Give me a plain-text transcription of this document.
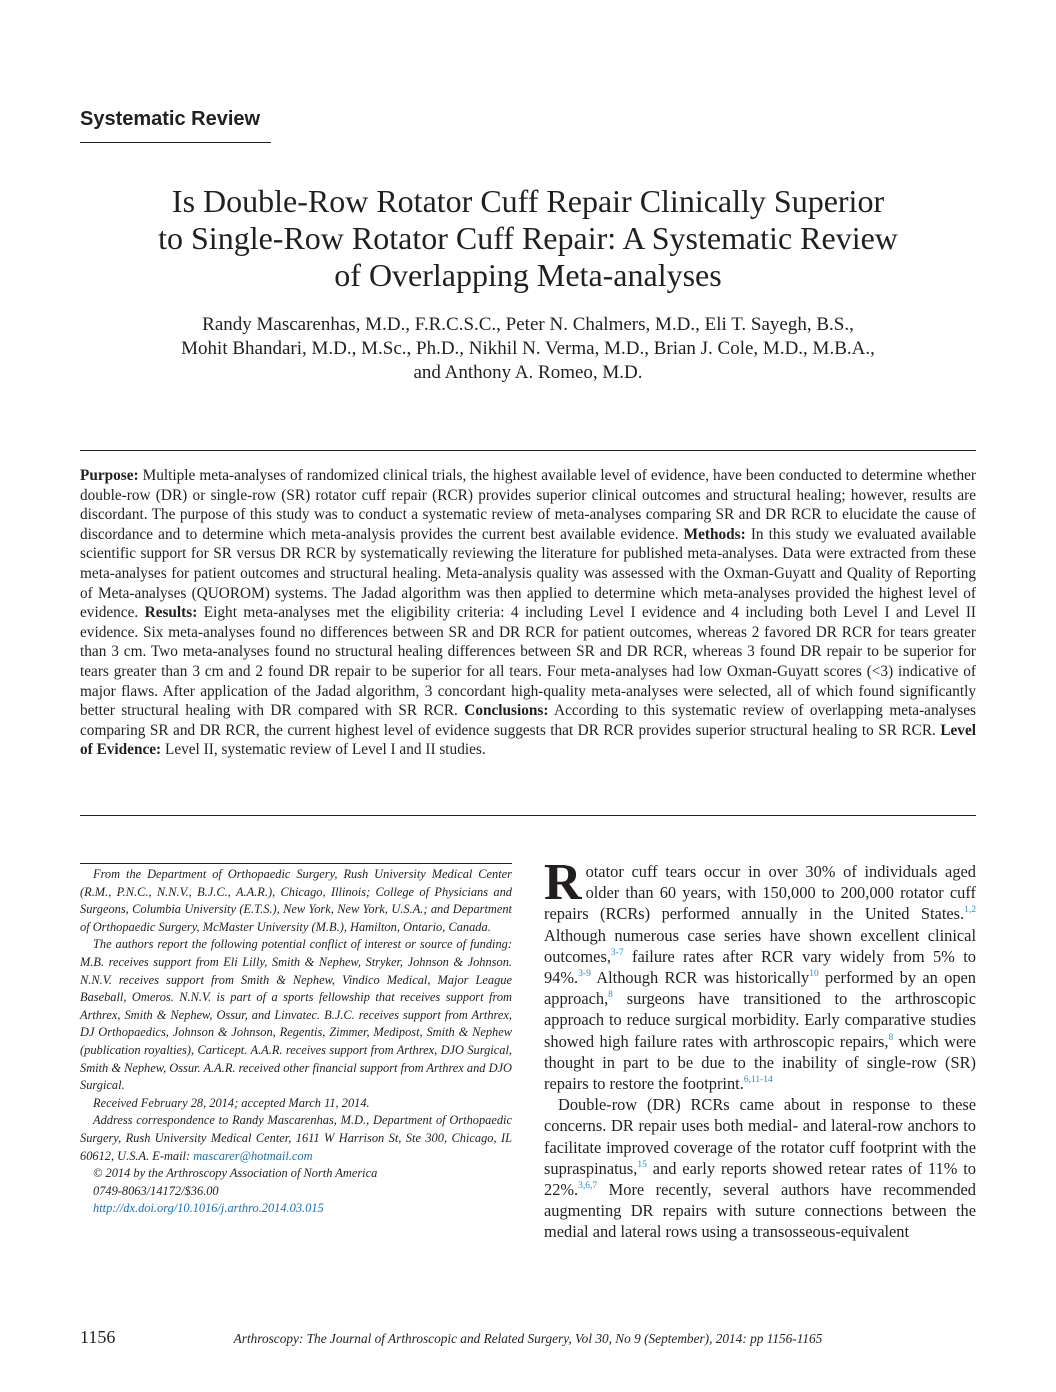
Systematic Review
Is Double-Row Rotator Cuff Repair Clinically Superior
to Single-Row Rotator Cuff Repair: A Systematic Review
of Overlapping Meta-analyses
Randy Mascarenhas, M.D., F.R.C.S.C., Peter N. Chalmers, M.D., Eli T. Sayegh, B.S.,
Mohit Bhandari, M.D., M.Sc., Ph.D., Nikhil N. Verma, M.D., Brian J. Cole, M.D., M.B.A.,
and Anthony A. Romeo, M.D.

Purpose: Multiple meta-analyses of randomized clinical trials, the highest available level of evidence, have been conducted to determine whether double-row (DR) or single-row (SR) rotator cuff repair (RCR) provides superior clinical outcomes and structural healing; however, results are discordant. The purpose of this study was to conduct a systematic review of meta-analyses comparing SR and DR RCR to elucidate the cause of discordance and to determine which meta-analysis provides the current best available evidence. Methods: In this study we evaluated available scientific support for SR versus DR RCR by systematically reviewing the literature for published meta-analyses. Data were extracted from these meta-analyses for patient outcomes and structural healing. Meta-analysis quality was assessed with the Oxman-Guyatt and Quality of Reporting of Meta-analyses (QUOROM) systems. The Jadad algorithm was then applied to determine which meta-analyses provided the highest level of evidence. Results: Eight meta-analyses met the eligibility criteria: 4 including Level I evidence and 4 including both Level I and Level II evidence. Six meta-analyses found no differences between SR and DR RCR for patient outcomes, whereas 2 favored DR RCR for tears greater than 3 cm. Two meta-analyses found no structural healing differences between SR and DR RCR, whereas 3 found DR repair to be superior for tears greater than 3 cm and 2 found DR repair to be superior for all tears. Four meta-analyses had low Oxman-Guyatt scores (<3) indicative of major flaws. After application of the Jadad algorithm, 3 concordant high-quality meta-analyses were selected, all of which found significantly better structural healing with DR compared with SR RCR. Conclusions: According to this systematic review of overlapping meta-analyses comparing SR and DR RCR, the current highest level of evidence suggests that DR RCR provides superior structural healing to SR RCR. Level of Evidence: Level II, systematic review of Level I and II studies.

From the Department of Orthopaedic Surgery, Rush University Medical Center (R.M., P.N.C., N.N.V., B.J.C., A.A.R.), Chicago, Illinois; College of Physicians and Surgeons, Columbia University (E.T.S.), New York, New York, U.S.A.; and Department of Orthopaedic Surgery, McMaster University (M.B.), Hamilton, Ontario, Canada.

The authors report the following potential conflict of interest or source of funding: M.B. receives support from Eli Lilly, Smith & Nephew, Stryker, Johnson & Johnson. N.N.V. receives support from Smith & Nephew, Vindico Medical, Major League Baseball, Omeros. N.N.V. is part of a sports fellowship that receives support from Arthrex, Smith & Nephew, Ossur, and Linvatec. B.J.C. receives support from Arthrex, DJ Orthopaedics, Johnson & Johnson, Regentis, Zimmer, Medipost, Smith & Nephew (publication royalties), Carticept. A.A.R. receives support from Arthrex, DJO Surgical, Smith & Nephew, Ossur. A.A.R. received other financial support from Arthrex and DJO Surgical.

Received February 28, 2014; accepted March 11, 2014.

Address correspondence to Randy Mascarenhas, M.D., Department of Orthopaedic Surgery, Rush University Medical Center, 1611 W Harrison St, Ste 300, Chicago, IL 60612, U.S.A. E-mail: mascarer@hotmail.com

© 2014 by the Arthroscopy Association of North America

0749-8063/14172/$36.00

http://dx.doi.org/10.1016/j.arthro.2014.03.015

Rotator cuff tears occur in over 30% of individuals aged older than 60 years, with 150,000 to 200,000 rotator cuff repairs (RCRs) performed annually in the United States.$^{1,2}$ Although numerous case series have shown excellent clinical outcomes,$^{3-7}$ failure rates after RCR vary widely from 5% to 94%.$^{3-9}$ Although RCR was historically$^{10}$ performed by an open approach,$^8$ surgeons have transitioned to the arthroscopic approach to reduce surgical morbidity. Early comparative studies showed high failure rates with arthroscopic repairs,$^8$ which were thought in part to be due to the inability of single-row (SR) repairs to restore the footprint.$^{6,11-14}$

Double-row (DR) RCRs came about in response to these concerns. DR repair uses both medial- and lateral-row anchors to facilitate improved coverage of the rotator cuff footprint with the supraspinatus,$^{15}$ and early reports showed retear rates of 11% to 22%.$^{3,6,7}$ More recently, several authors have recommended augmenting DR repairs with suture connections between the medial and lateral rows using a transosseous-equivalent

1156	Arthroscopy: The Journal of Arthroscopic and Related Surgery, Vol 30, No 9 (September), 2014: pp 1156-1165
